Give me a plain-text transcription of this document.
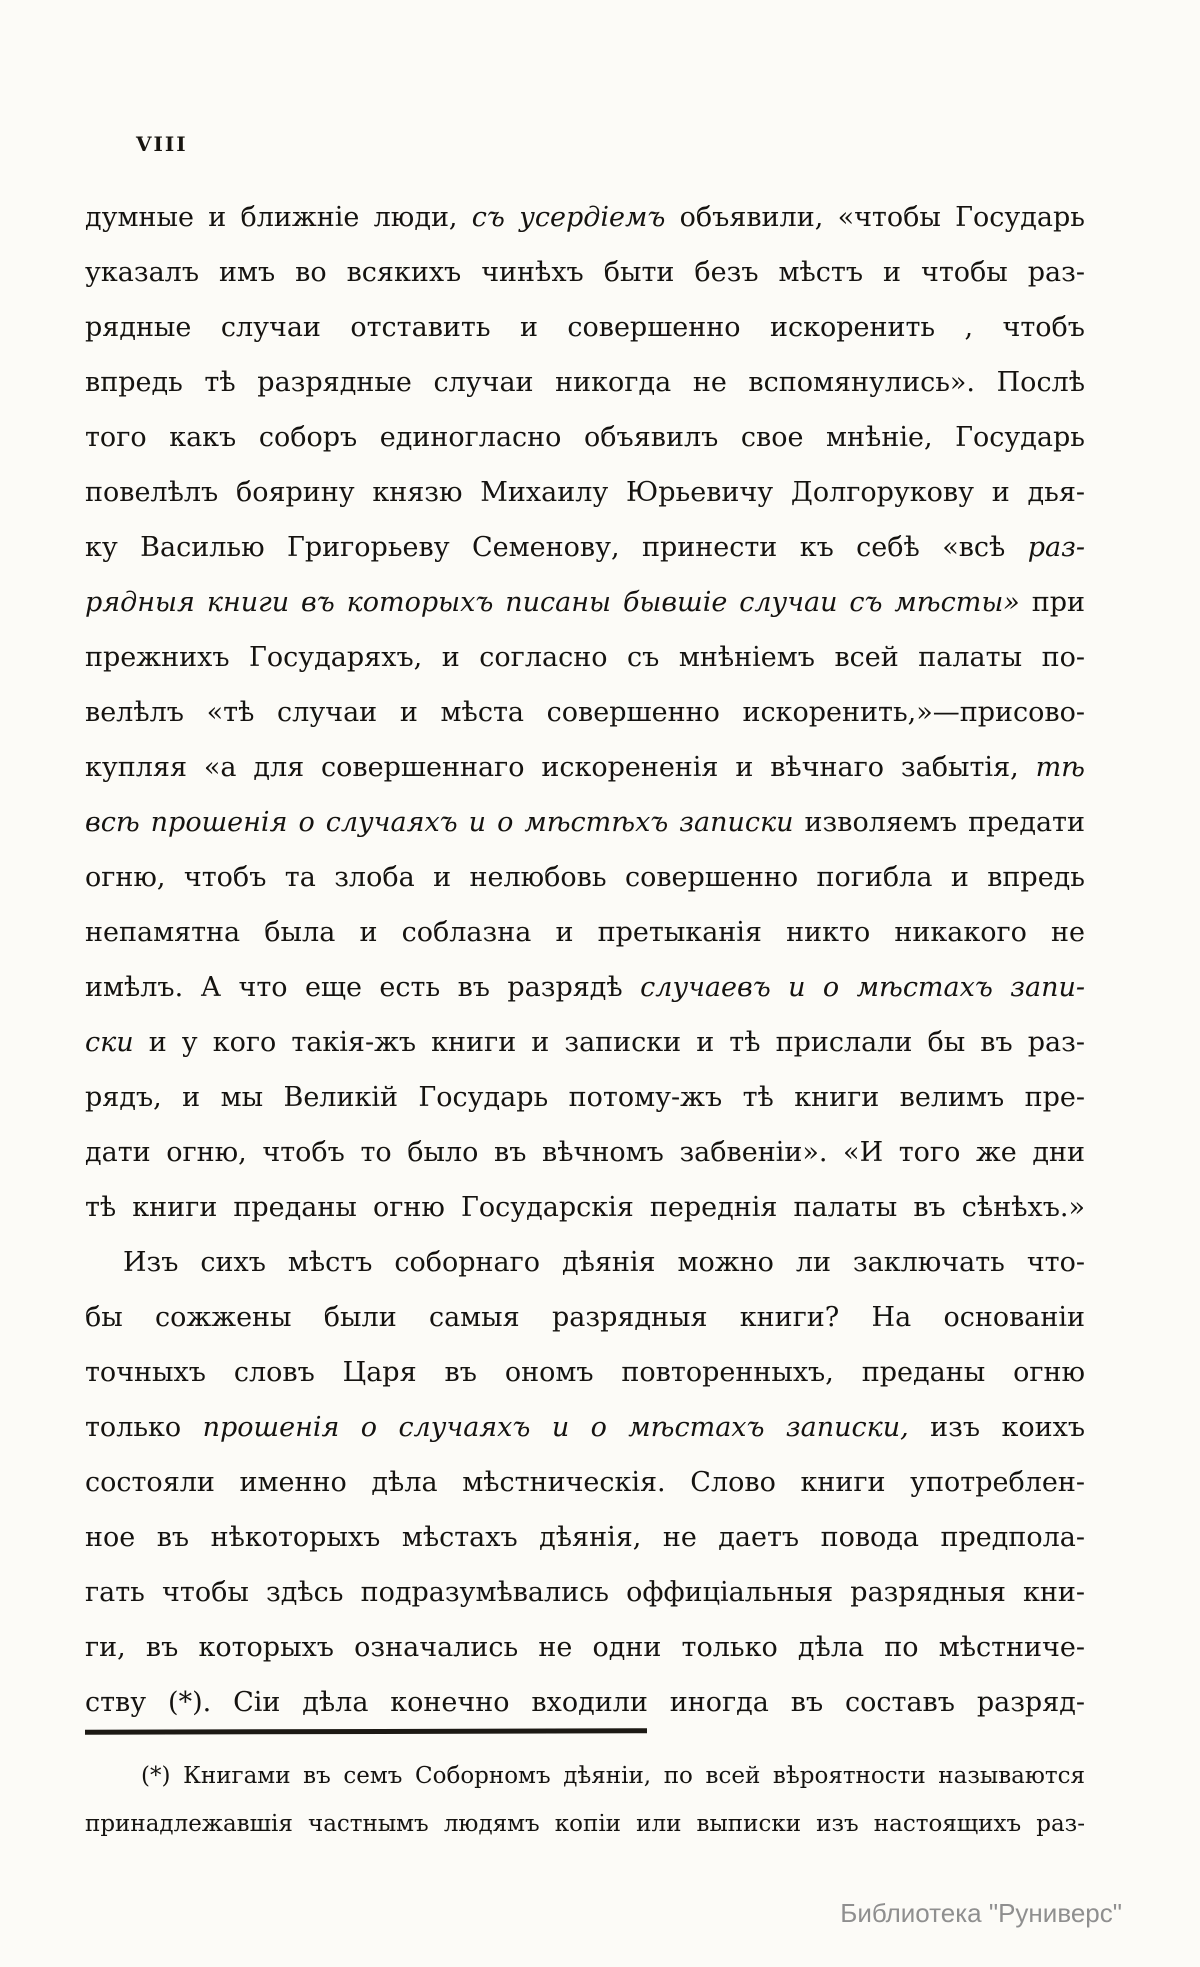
VIII
думные и ближніе люди, съ усердіемъ объявили, «чтобы Государь
указалъ имъ во всякихъ чинѣхъ быти безъ мѣстъ и чтобы раз-
рядные случаи отставить и совершенно искоренить , чтобъ
впредь тѣ разрядные случаи никогда не вспомянулись». Послѣ
того какъ соборъ единогласно объявилъ свое мнѣніе, Государь
повелѣлъ боярину князю Михаилу Юрьевичу Долгорукову и дья-
ку Василью Григорьеву Семенову, принести къ себѣ «всѣ раз-
рядныя книги въ которыхъ писаны бывшіе случаи съ мѣсты» при
прежнихъ Государяхъ, и согласно съ мнѣніемъ всей палаты по-
велѣлъ «тѣ случаи и мѣста совершенно искоренить,»—присово-
купляя «а для совершеннаго искорененія и вѣчнаго забытія, тѣ
всѣ прошенія о случаяхъ и о мѣстѣхъ записки изволяемъ предати
огню, чтобъ та злоба и нелюбовь совершенно погибла и впредь
непамятна была и соблазна и претыканія никто никакого не
имѣлъ. А что еще есть въ разрядѣ случаевъ и о мѣстахъ запи-
ски и у кого такія-жъ книги и записки и тѣ прислали бы въ раз-
рядъ, и мы Великій Государь потому-жъ тѣ книги велимъ пре-
дати огню, чтобъ то было въ вѣчномъ забвеніи». «И того же дни
тѣ книги преданы огню Государскія переднія палаты въ сѣнѣхъ.»
Изъ сихъ мѣстъ соборнаго дѣянія можно ли заключать что-
бы сожжены были самыя разрядныя книги? На основаніи
точныхъ словъ Царя въ ономъ повторенныхъ, преданы огню
только прошенія о случаяхъ и о мѣстахъ записки, изъ коихъ
состояли именно дѣла мѣстническія. Слово книги употреблен-
ное въ нѣкоторыхъ мѣстахъ дѣянія, не даетъ повода предпола-
гать чтобы здѣсь подразумѣвались оффиціальныя разрядныя кни-
ги, въ которыхъ означались не одни только дѣла по мѣстниче-
ству (*). Сіи дѣла конечно входили иногда въ составъ разряд-
(*) Книгами въ семъ Соборномъ дѣяніи, по всей вѣроятности называются
принадлежавшія частнымъ людямъ копіи или выписки изъ настоящихъ раз-
Библиотека "Руниверс"
